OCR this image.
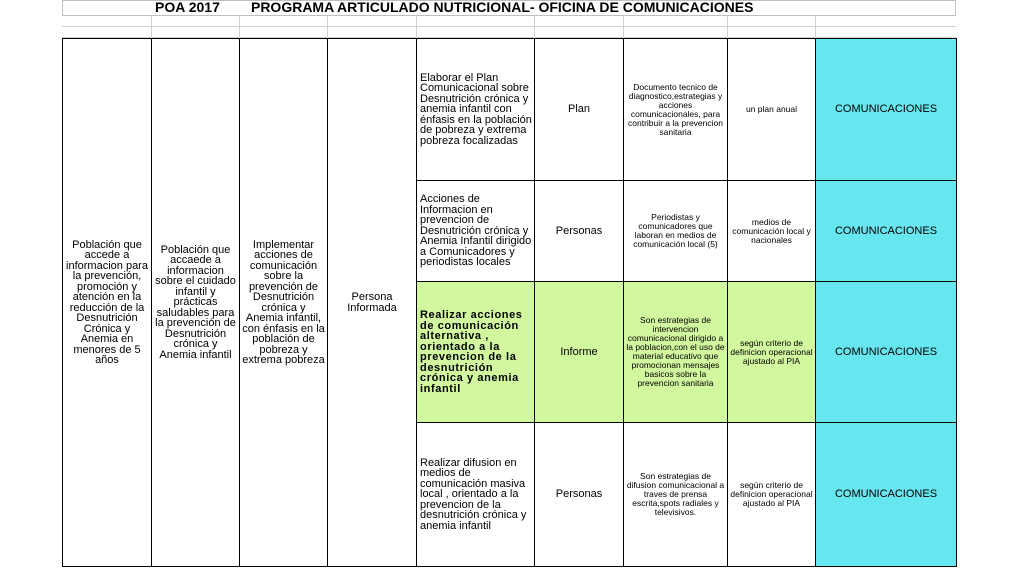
POA 2017 PROGRAMA ARTICULADO NUTRICIONAL- OFICINA DE COMUNICACIONES
Población que accede a informacion para la prevención, promoción y atención en la reducción de la Desnutrición Crónica y Anemia en menores de 5 años	Población que accaede a informacion sobre el cuidado infantil y prácticas saludables para la prevención de Desnutrición crónica y Anemia infantil	Implementar acciones de comunicación sobre la prevención de Desnutrición crónica y Anemia infantil, con énfasis en la población de pobreza y extrema pobreza	Persona Informada	Elaborar el Plan Comunicacional sobre Desnutrición crónica y anemia infantil con énfasis en la población de pobreza y extrema pobreza focalizadas	Plan	Documento tecnico de diagnostico,estrategias y acciones comunicacionales, para contribuir a la prevencion sanitaria	un plan anual	COMUNICACIONES
				Acciones de Informacion en prevencion de Desnutrición crónica y Anemia Infantil dirigido a Comunicadores y periodistas locales	Personas	Periodistas y comunicadores que laboran en medios de comunicación local (5)	medios de comunicación local y nacionales	COMUNICACIONES
				Realizar acciones de comunicación alternativa , orientado a la prevencion de la desnutrición crónica y anemia infantil	Informe	Son estrategias de intervencion comunicacional dirigido a la poblacion,con el uso de material educativo que promocionan mensajes basicos sobre la prevencion sanitaria	según criterio de definicion operacional ajustado al PIA	COMUNICACIONES
				Realizar difusion en medios de comunicación masiva local , orientado a la prevencion de la desnutrición crónica y anemia infantil	Personas	Son estrategias de difusion comunicacional a traves de prensa escrita,spots radiales y televisivos.	según criterio de definicion operacional ajustado al PIA	COMUNICACIONES
